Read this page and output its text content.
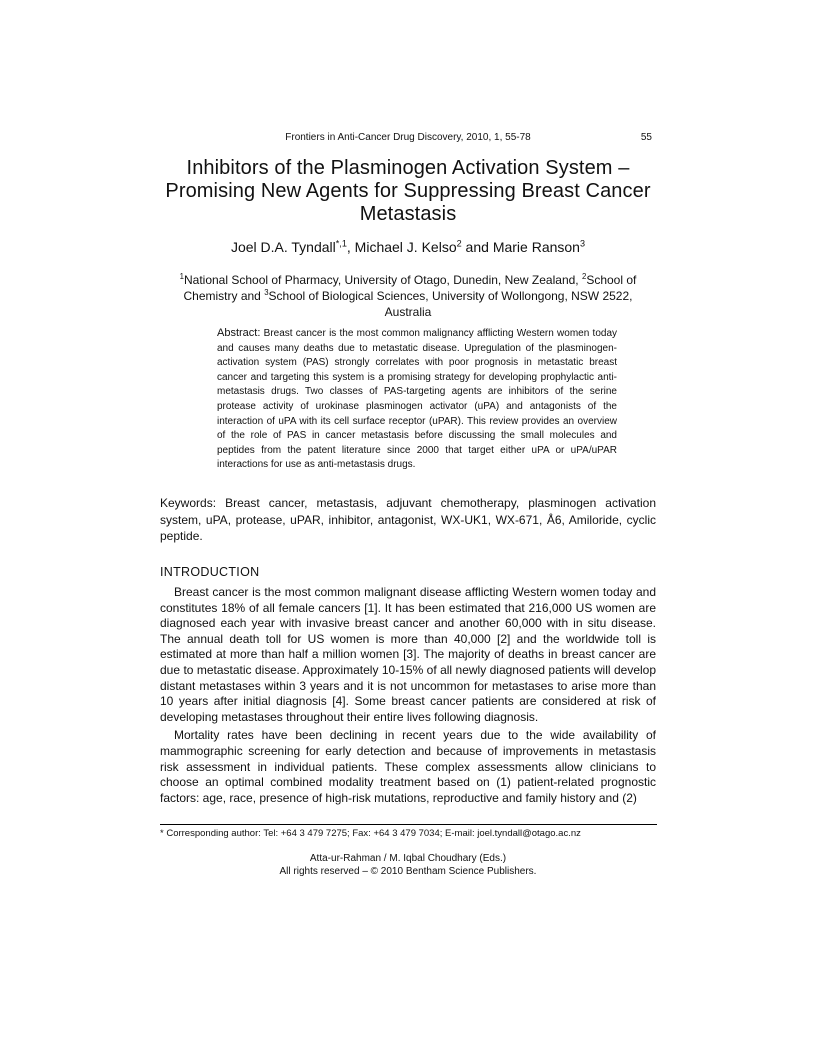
Frontiers in Anti-Cancer Drug Discovery, 2010, 1, 55-78	55
Inhibitors of the Plasminogen Activation System – Promising New Agents for Suppressing Breast Cancer Metastasis
Joel D.A. Tyndall$^{*,1}$, Michael J. Kelso$^2$ and Marie Ranson$^3$
$^1$National School of Pharmacy, University of Otago, Dunedin, New Zealand, $^2$School of Chemistry and $^3$School of Biological Sciences, University of Wollongong, NSW 2522, Australia
Abstract: Breast cancer is the most common malignancy afflicting Western women today and causes many deaths due to metastatic disease. Upregulation of the plasminogen-activation system (PAS) strongly correlates with poor prognosis in metastatic breast cancer and targeting this system is a promising strategy for developing prophylactic anti-metastasis drugs. Two classes of PAS-targeting agents are inhibitors of the serine protease activity of urokinase plasminogen activator (uPA) and antagonists of the interaction of uPA with its cell surface receptor (uPAR). This review provides an overview of the role of PAS in cancer metastasis before discussing the small molecules and peptides from the patent literature since 2000 that target either uPA or uPA/uPAR interactions for use as anti-metastasis drugs.
Keywords: Breast cancer, metastasis, adjuvant chemotherapy, plasminogen activation system, uPA, protease, uPAR, inhibitor, antagonist, WX-UK1, WX-671, Å6, Amiloride, cyclic peptide.
INTRODUCTION

Breast cancer is the most common malignant disease afflicting Western women today and constitutes 18% of all female cancers [1]. It has been estimated that 216,000 US women are diagnosed each year with invasive breast cancer and another 60,000 with in situ disease. The annual death toll for US women is more than 40,000 [2] and the worldwide toll is estimated at more than half a million women [3]. The majority of deaths in breast cancer are due to metastatic disease. Approximately 10-15% of all newly diagnosed patients will develop distant metastases within 3 years and it is not uncommon for metastases to arise more than 10 years after initial diagnosis [4]. Some breast cancer patients are considered at risk of developing metastases throughout their entire lives following diagnosis.

Mortality rates have been declining in recent years due to the wide availability of mammographic screening for early detection and because of improvements in metastasis risk assessment in individual patients. These complex assessments allow clinicians to choose an optimal combined modality treatment based on (1) patient-related prognostic factors: age, race, presence of high-risk mutations, reproductive and family history and (2)

* Corresponding author: Tel: +64 3 479 7275; Fax: +64 3 479 7034; E-mail: joel.tyndall@otago.ac.nz
Atta-ur-Rahman / M. Iqbal Choudhary (Eds.)
All rights reserved – © 2010 Bentham Science Publishers.
